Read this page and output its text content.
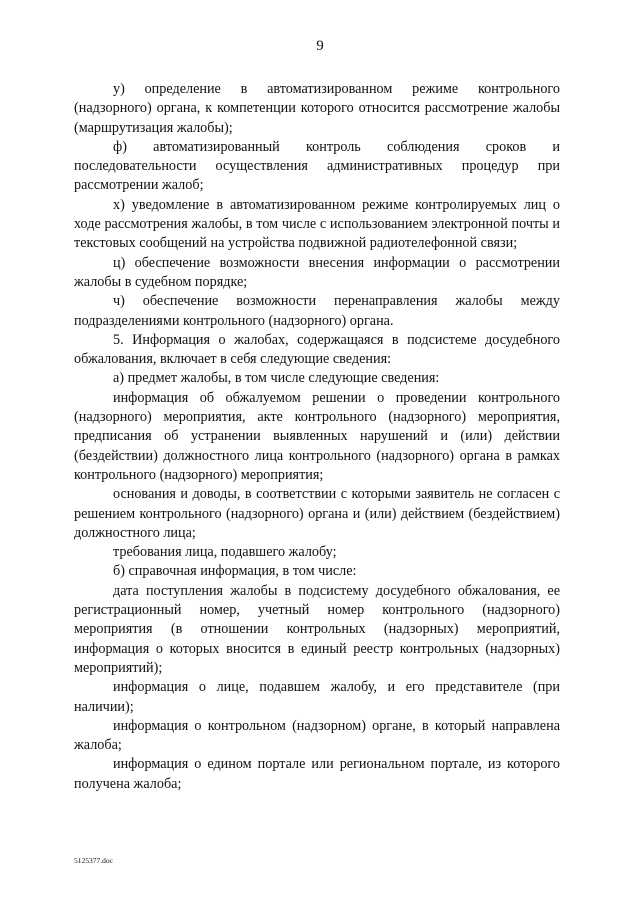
9

у) определение в автоматизированном режиме контрольного (надзорного) органа, к компетенции которого относится рассмотрение жалобы (маршрутизация жалобы);

ф) автоматизированный контроль соблюдения сроков и последовательности осуществления административных процедур при рассмотрении жалоб;

х) уведомление в автоматизированном режиме контролируемых лиц о ходе рассмотрения жалобы, в том числе с использованием электронной почты и текстовых сообщений на устройства подвижной радиотелефонной связи;

ц) обеспечение возможности внесения информации о рассмотрении жалобы в судебном порядке;

ч) обеспечение возможности перенаправления жалобы между подразделениями контрольного (надзорного) органа.

5. Информация о жалобах, содержащаяся в подсистеме досудебного обжалования, включает в себя следующие сведения:

а) предмет жалобы, в том числе следующие сведения:

информация об обжалуемом решении о проведении контрольного (надзорного) мероприятия, акте контрольного (надзорного) мероприятия, предписания об устранении выявленных нарушений и (или) действии (бездействии) должностного лица контрольного (надзорного) органа в рамках контрольного (надзорного) мероприятия;

основания и доводы, в соответствии с которыми заявитель не согласен с решением контрольного (надзорного) органа и (или) действием (бездействием) должностного лица;

требования лица, подавшего жалобу;

б) справочная информация, в том числе:

дата поступления жалобы в подсистему досудебного обжалования, ее регистрационный номер, учетный номер контрольного (надзорного) мероприятия (в отношении контрольных (надзорных) мероприятий, информация о которых вносится в единый реестр контрольных (надзорных) мероприятий);

информация о лице, подавшем жалобу, и его представителе (при наличии);

информация о контрольном (надзорном) органе, в который направлена жалоба;

информация о едином портале или региональном портале, из которого получена жалоба;

5125377.doc
